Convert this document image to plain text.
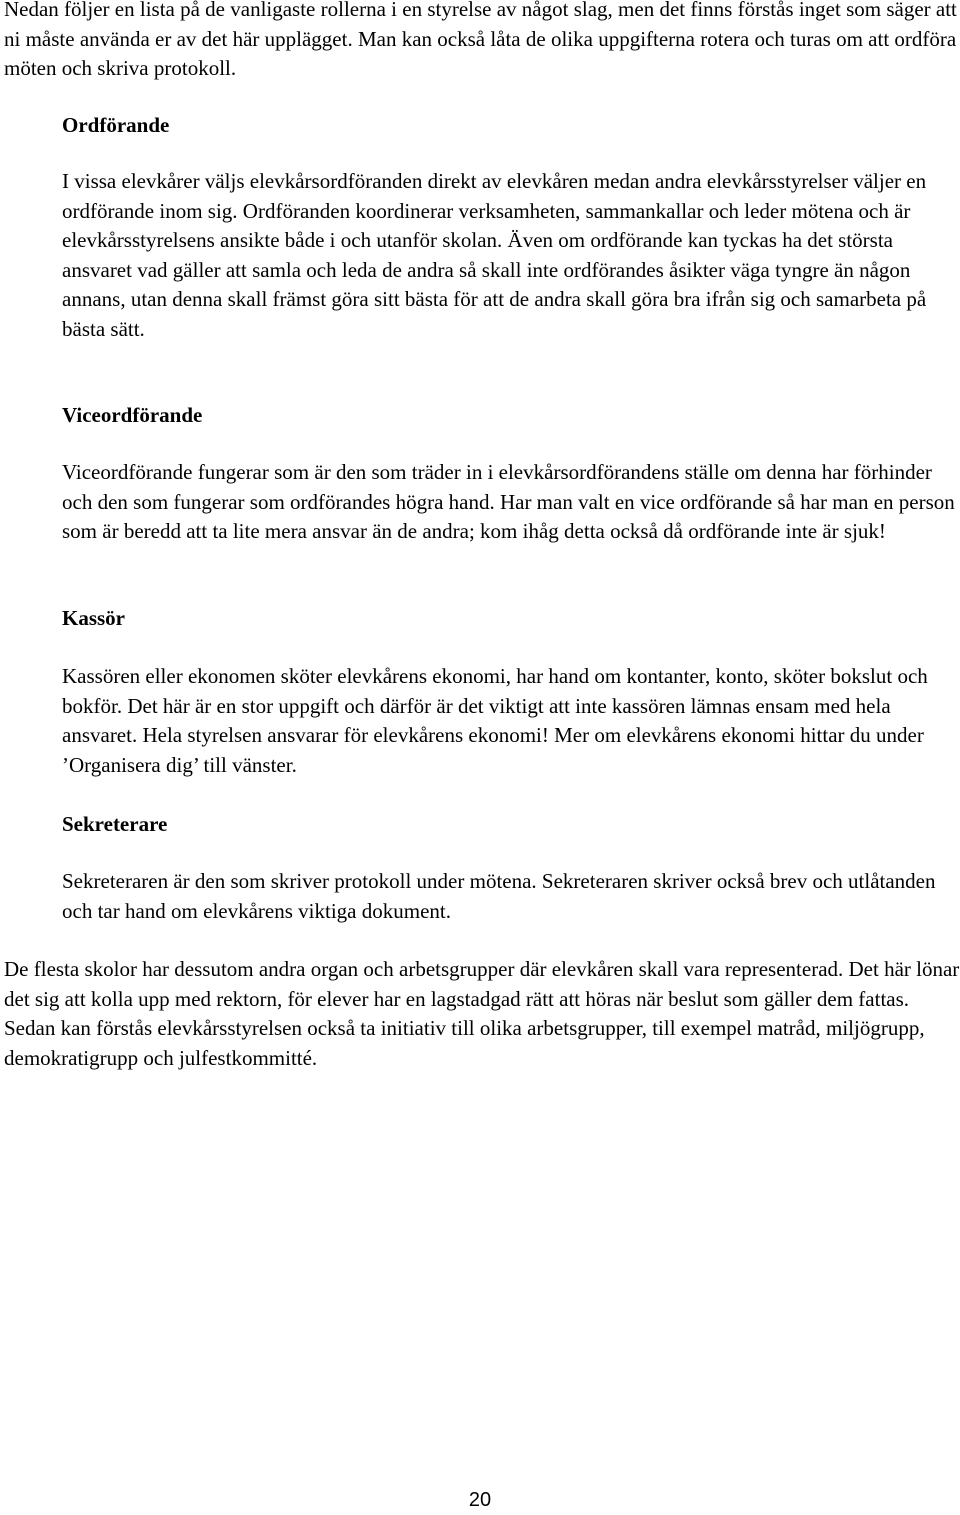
Nedan följer en lista på de vanligaste rollerna i en styrelse av något slag, men det finns förstås inget som säger att ni måste använda er av det här upplägget. Man kan också låta de olika uppgifterna rotera och turas om att ordföra möten och skriva protokoll.

Ordförande

I vissa elevkårer väljs elevkårsordföranden direkt av elevkåren medan andra elevkårsstyrelser väljer en ordförande inom sig. Ordföranden koordinerar verksamheten, sammankallar och leder mötena och är elevkårsstyrelsens ansikte både i och utanför skolan. Även om ordförande kan tyckas ha det största ansvaret vad gäller att samla och leda de andra så skall inte ordförandes åsikter väga tyngre än någon annans, utan denna skall främst göra sitt bästa för att de andra skall göra bra ifrån sig och samarbeta på bästa sätt.

Viceordförande

Viceordförande fungerar som är den som träder in i elevkårsordförandens ställe om denna har förhinder och den som fungerar som ordförandes högra hand. Har man valt en vice ordförande så har man en person som är beredd att ta lite mera ansvar än de andra; kom ihåg detta också då ordförande inte är sjuk!

Kassör

Kassören eller ekonomen sköter elevkårens ekonomi, har hand om kontanter, konto, sköter bokslut och bokför. Det här är en stor uppgift och därför är det viktigt att inte kassören lämnas ensam med hela ansvaret. Hela styrelsen ansvarar för elevkårens ekonomi! Mer om elevkårens ekonomi hittar du under ’Organisera dig’ till vänster.

Sekreterare

Sekreteraren är den som skriver protokoll under mötena. Sekreteraren skriver också brev och utlåtanden och tar hand om elevkårens viktiga dokument.

De flesta skolor har dessutom andra organ och arbetsgrupper där elevkåren skall vara representerad. Det här lönar det sig att kolla upp med rektorn, för elever har en lagstadgad rätt att höras när beslut som gäller dem fattas. Sedan kan förstås elevkårsstyrelsen också ta initiativ till olika arbetsgrupper, till exempel matråd, miljögrupp, demokratigrupp och julfestkommitté.

20
